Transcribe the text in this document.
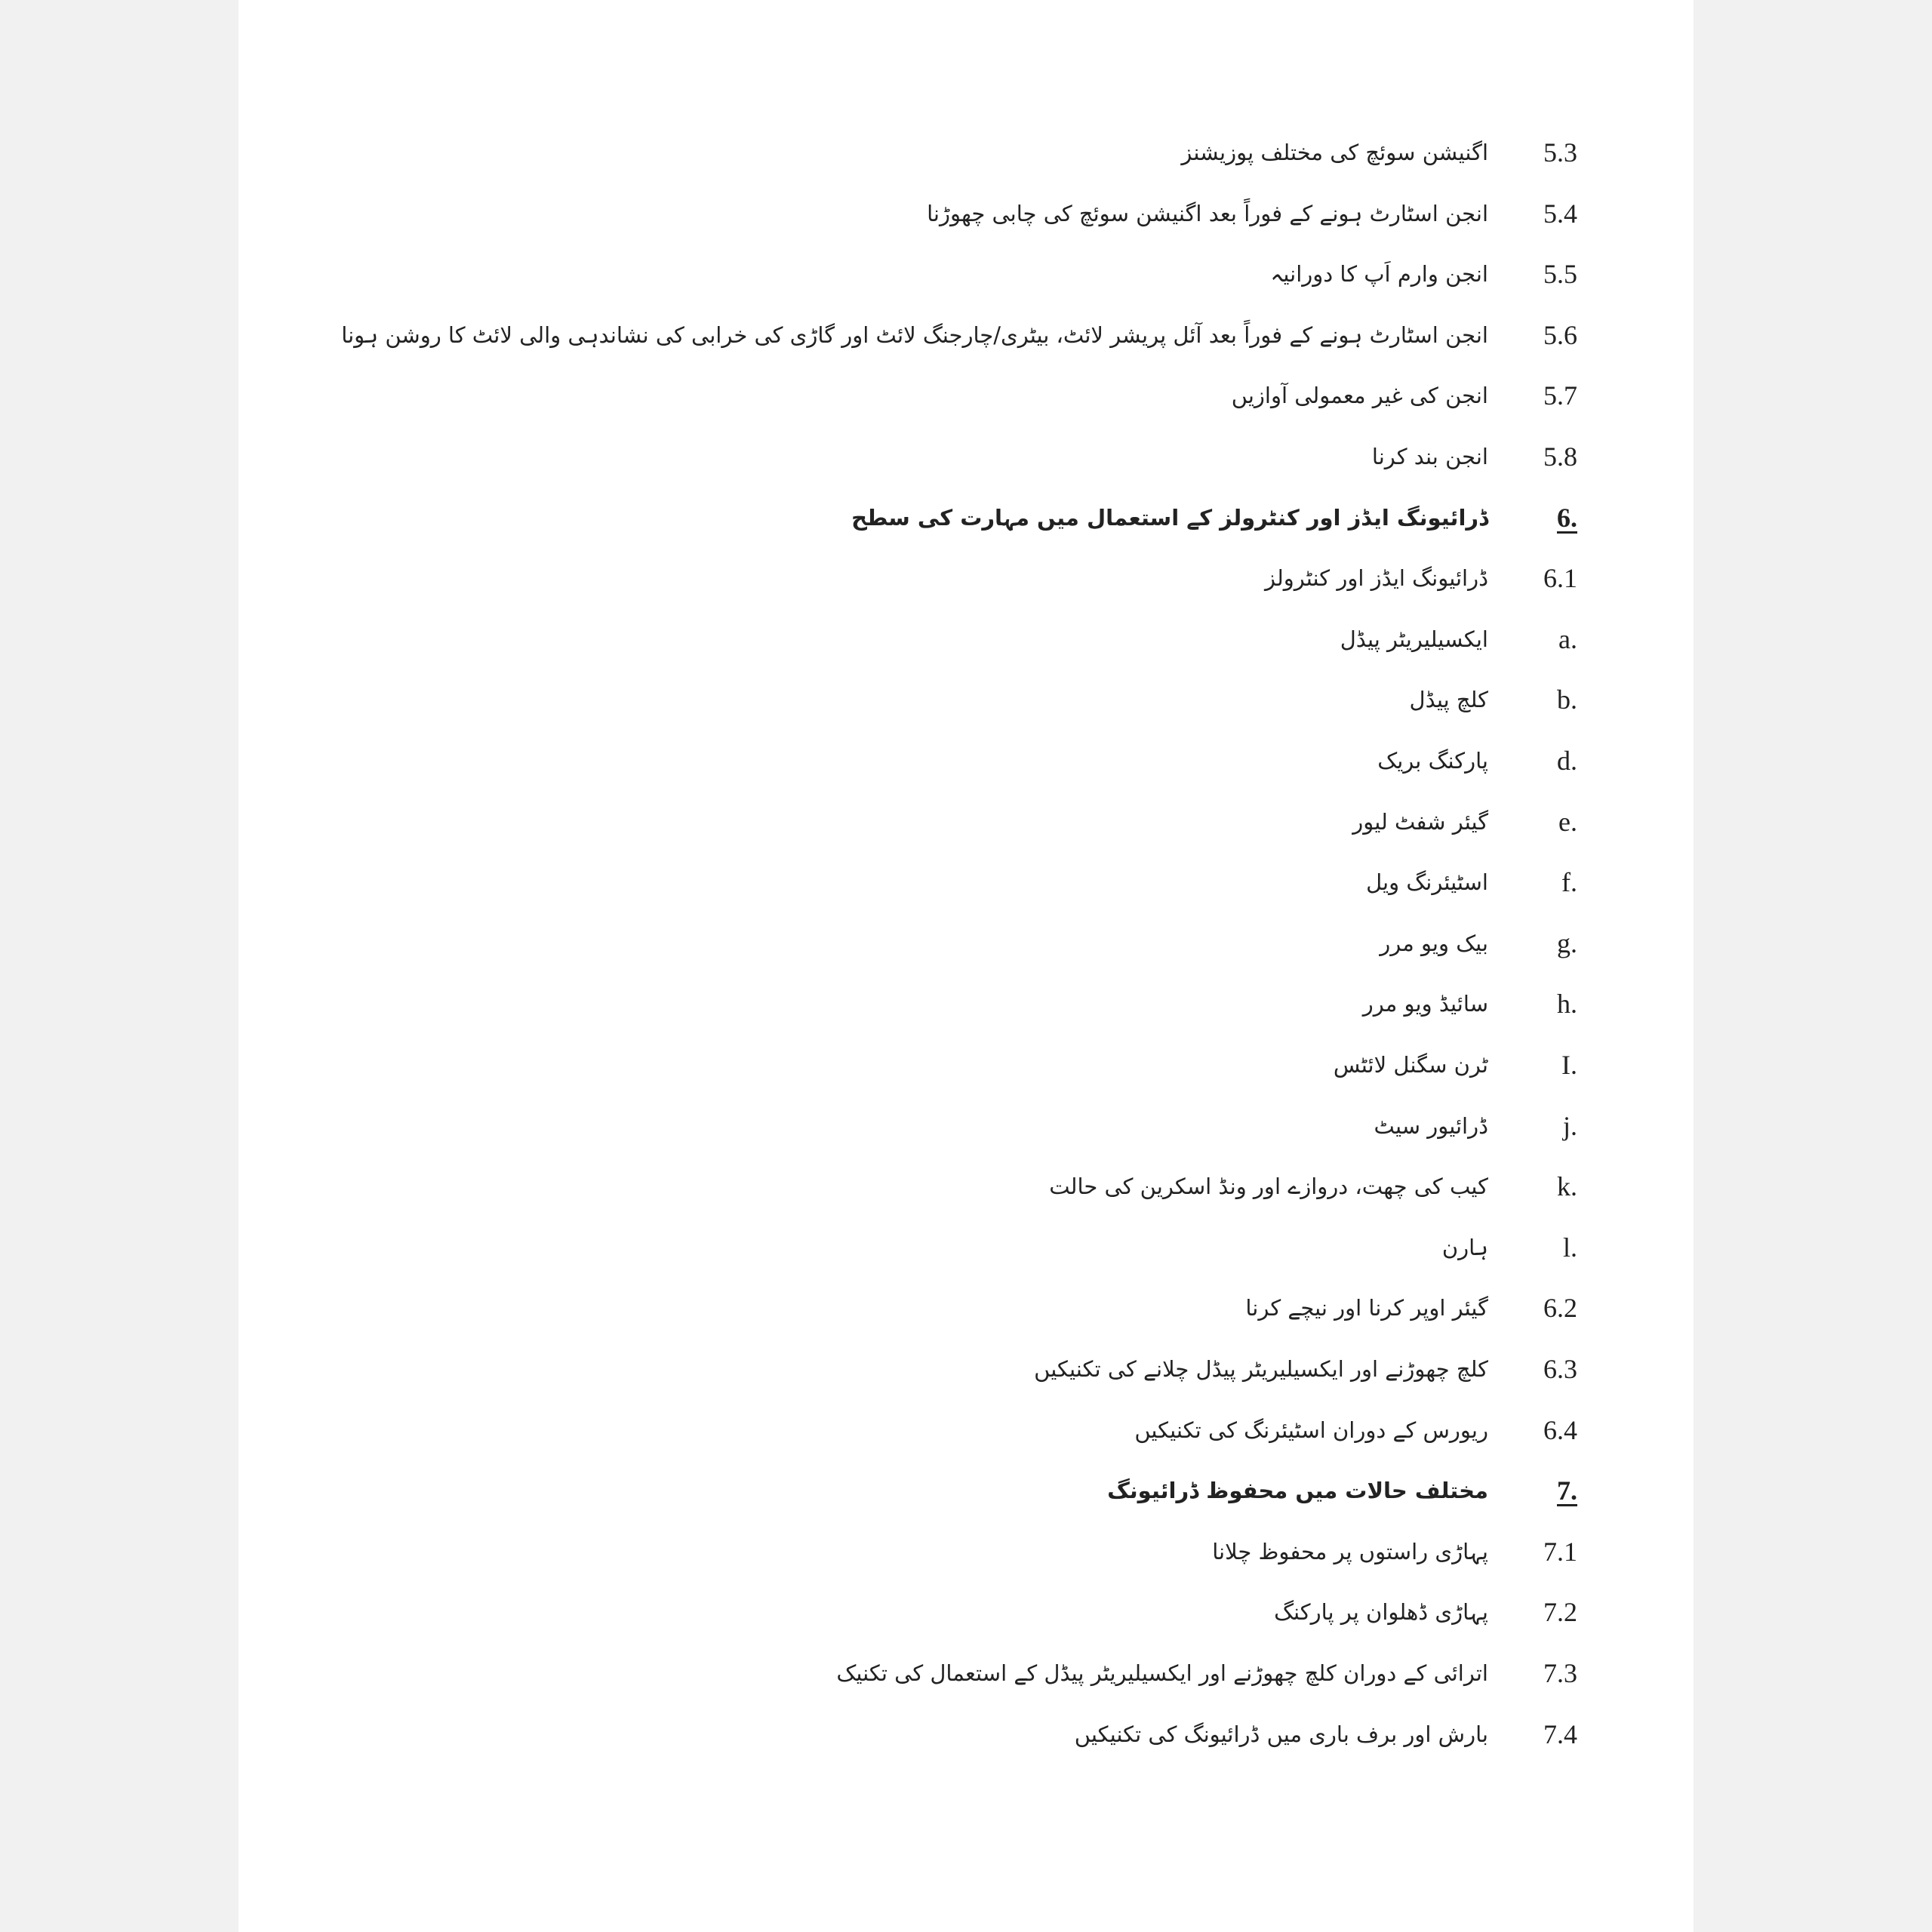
5.3
اگنیشن سوئچ کی مختلف پوزیشنز
5.4
انجن اسٹارٹ ہونے کے فوراً بعد اگنیشن سوئچ کی چابی چھوڑنا
5.5
انجن وارم اَپ کا دورانیہ
5.6
انجن اسٹارٹ ہونے کے فوراً بعد آئل پریشر لائٹ، بیٹری/چارجنگ لائٹ اور گاڑی کی خرابی کی نشاندہی والی لائٹ کا روشن ہونا
5.7
انجن کی غیر معمولی آوازیں
5.8
انجن بند کرنا
6.
ڈرائیونگ ایڈز اور کنٹرولز کے استعمال میں مہارت کی سطح
6.1
ڈرائیونگ ایڈز اور کنٹرولز
a.
ایکسیلیریٹر پیڈل
b.
کلچ پیڈل
d.
پارکنگ بریک
e.
گیئر شفٹ لیور
f.
اسٹیئرنگ ویل
g.
بیک ویو مرر
h.
سائیڈ ویو مرر
I.
ٹرن سگنل لائٹس
j.
ڈرائیور سیٹ
k.
کیب کی چھت، دروازے اور ونڈ اسکرین کی حالت
l.
ہارن
6.2
گیئر اوپر کرنا اور نیچے کرنا
6.3
کلچ چھوڑنے اور ایکسیلیریٹر پیڈل چلانے کی تکنیکیں
6.4
ریورس کے دوران اسٹیئرنگ کی تکنیکیں
7.
مختلف حالات میں محفوظ ڈرائیونگ
7.1
پہاڑی راستوں پر محفوظ چلانا
7.2
پہاڑی ڈھلوان پر پارکنگ
7.3
اترائی کے دوران کلچ چھوڑنے اور ایکسیلیریٹر پیڈل کے استعمال کی تکنیک
7.4
بارش اور برف باری میں ڈرائیونگ کی تکنیکیں
